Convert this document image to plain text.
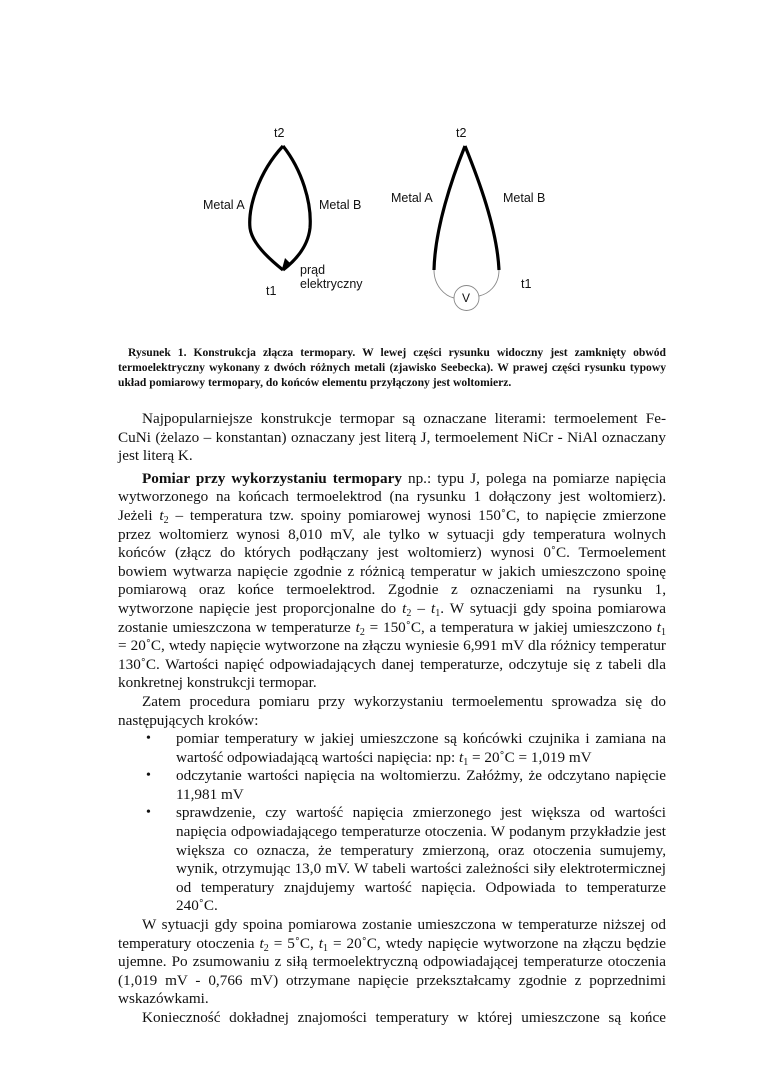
t2
Metal A	Metal B
prąd
elektryczny
t1
t2
Metal A	Metal B
t1
V
Rysunek 1. Konstrukcja złącza termopary. W lewej części rysunku widoczny jest zamknięty obwód termoelektryczny wykonany z dwóch różnych metali (zjawisko Seebecka). W prawej części rysunku typowy układ pomiarowy termopary, do końców elementu przyłączony jest woltomierz.

Najpopularniejsze konstrukcje termopar są oznaczane literami: termoelement Fe-CuNi (żelazo – konstantan) oznaczany jest literą J, termoelement NiCr - NiAl oznaczany jest literą K.

Pomiar przy wykorzystaniu termopary np.: typu J, polega na pomiarze napięcia wytworzonego na końcach termoelektrod (na rysunku 1 dołączony jest woltomierz). Jeżeli $t_2$ – temperatura tzw. spoiny pomiarowej wynosi 150˚C, to napięcie zmierzone przez woltomierz wynosi 8,010 mV, ale tylko w sytuacji gdy temperatura wolnych końców (złącz do których podłączany jest woltomierz) wynosi 0˚C. Termoelement bowiem wytwarza napięcie zgodnie z różnicą temperatur w jakich umieszczono spoinę pomiarową oraz końce termoelektrod. Zgodnie z oznaczeniami na rysunku 1, wytworzone napięcie jest proporcjonalne do $t_2 - t_1$. W sytuacji gdy spoina pomiarowa zostanie umieszczona w temperaturze $t_2$ = 150˚C, a temperatura w jakiej umieszczono $t_1$ = 20˚C, wtedy napięcie wytworzone na złączu wyniesie 6,991 mV dla różnicy temperatur 130˚C. Wartości napięć odpowiadających danej temperaturze, odczytuje się z tabeli dla konkretnej konstrukcji termopar.

Zatem procedura pomiaru przy wykorzystaniu termoelementu sprowadza się do następujących kroków:

• pomiar temperatury w jakiej umieszczone są końcówki czujnika i zamiana na wartość odpowiadającą wartości napięcia: np: $t_1$ = 20˚C = 1,019 mV
• odczytanie wartości napięcia na woltomierzu. Załóżmy, że odczytano napięcie 11,981 mV
• sprawdzenie, czy wartość napięcia zmierzonego jest większa od wartości napięcia odpowiadającego temperaturze otoczenia. W podanym przykładzie jest większa co oznacza, że temperatury zmierzoną, oraz otoczenia sumujemy, wynik, otrzymując 13,0 mV. W tabeli wartości zależności siły elektrotermicznej od temperatury znajdujemy wartość napięcia. Odpowiada to temperaturze 240˚C.

W sytuacji gdy spoina pomiarowa zostanie umieszczona w temperaturze niższej od temperatury otoczenia $t_2$ = 5˚C, $t_1$ = 20˚C, wtedy napięcie wytworzone na złączu będzie ujemne. Po zsumowaniu z siłą termoelektryczną odpowiadającej temperaturze otoczenia (1,019 mV - 0,766 mV) otrzymane napięcie przekształcamy zgodnie z poprzednimi wskazówkami.

Konieczność dokładnej znajomości temperatury w której umieszczone są końce
